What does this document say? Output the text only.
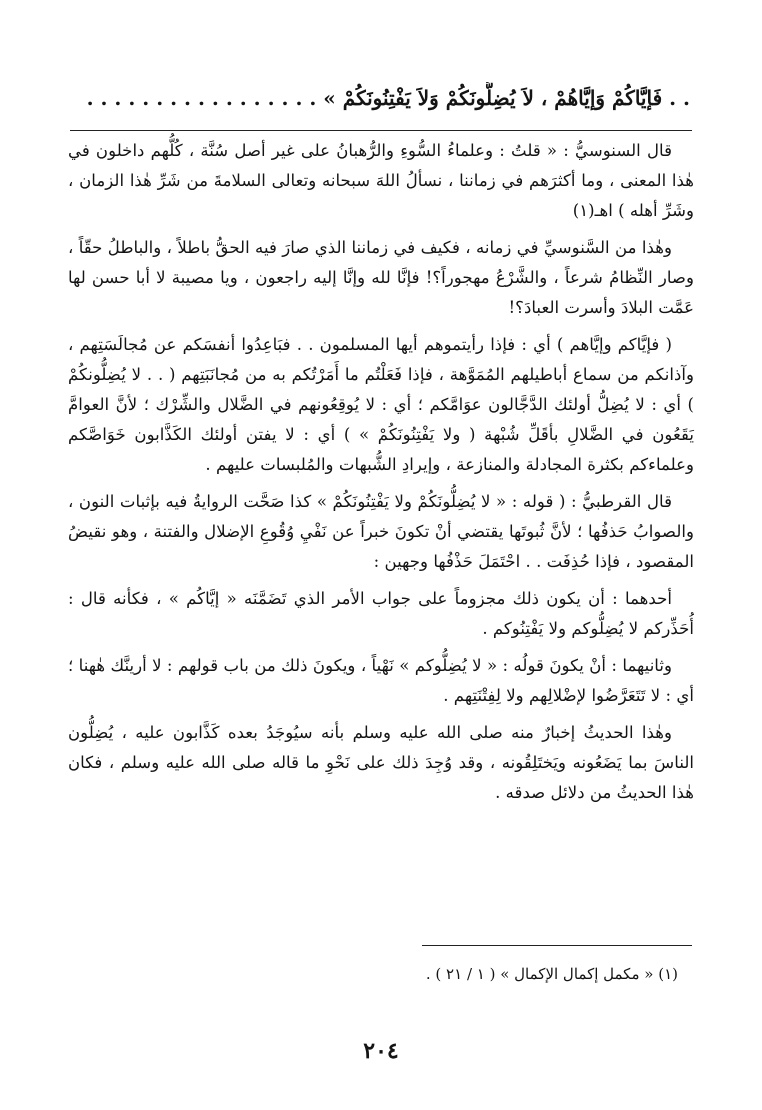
. . فَإيَّاكُمْ وَإيَّاهُمْ ، لاَ يُضِلُّونَكُمْ وَلاَ يَفْتِنُونَكُمْ » . . . . . . . . . . . . . . . . .

قال السنوسيُّ : « قلتُ : وعلماءُ السُّوءِ والرُّهبانُ على غير أصل سُنَّة ، كُلُّهم داخلون في هٰذا المعنى ، وما أكثرَهم في زماننا ، نسألُ اللهَ سبحانه وتعالى السلامةَ من شَرِّ هٰذا الزمان ، وشَرِّ أهله ) اهـ(١)

وهٰذا من السَّنوسيِّ في زمانه ، فكيف في زماننا الذي صارَ فيه الحقُّ باطلاً ، والباطلُ حقّاً ، وصار النِّظامُ شرعاً ، والشَّرْعُ مهجوراً؟! فإنَّا لله وإنَّا إليه راجعون ، ويا مصيبة لا أبا حسن لها عَمَّت البلادَ وأسرت العبادَ؟!

( فإيَّاكم وإيَّاهم ) أي : فإذا رأيتموهم أيها المسلمون . . فبَاعِدُوا أنفسَكم عن مُجالَسَتِهم ، وآذانكم من سماع أباطيلهم المُمَوَّهة ، فإذا فَعَلْتُم ما أَمَرْتُكم به من مُجانَبَتِهم ( . . لا يُضِلُّونكُمْ ) أي : لا يُضِلُّ أولئك الدَّجَّالون عوَامَّكم ؛ أي : لا يُوقِعُونهم في الضَّلال والشِّرْك ؛ لأنَّ العوامَّ يَقَعُون في الضَّلالِ بأقَلِّ شُبْهة ( ولا يَفْتِنُونَكُمْ » ) أي : لا يفتن أولئك الكَذَّابون خَوَاصَّكم وعلماءكم بكثرة المجادلة والمنازعة ، وإيرادِ الشُّبهات والمُلبسات عليهم .

قال القرطبيُّ : ( قوله : « لا يُضِلُّونَكُمْ ولا يَفْتِنُونَكُمْ » كذا صَحَّت الروايةُ فيه بإثبات النون ، والصوابُ حَذفُها ؛ لأنَّ ثُبوتَها يقتضي أنْ تكونَ خبراً عن نَفْيِ وُقُوعِ الإضلال والفتنة ، وهو نقيضُ المقصود ، فإذا حُذِفَت . . احْتَمَلَ حَذْفُها وجهين :

أحدهما : أن يكون ذلك مجزوماً على جواب الأمر الذي تَضَمَّنَه « إيَّاكُم » ، فكأنه قال : أُحَذِّركم لا يُضِلُّوكم ولا يَفْتِنُوكم .

وثانيهما : أنْ يكونَ قولُه : « لا يُضِلُّوكم » نَهْياً ، ويكونَ ذلك من باب قولهم : لا أرينَّك هٰهنا ؛ أي : لا تَتَعَرَّضُوا لإضْلالِهم ولا لِفِتْنَتِهم .

وهٰذا الحديثُ إخبارٌ منه صلى الله عليه وسلم بأنه سيُوجَدُ بعده كَذَّابون عليه ، يُضِلُّون الناسَ بما يَضَعُونه ويَختَلِقُونه ، وقد وُجِدَ ذلك على نَحْوِ ما قاله صلى الله عليه وسلم ، فكان هٰذا الحديثُ من دلائل صدقه .

(١) « مكمل إكمال الإكمال » ( ١ / ٢١ ) .
٢٠٤
